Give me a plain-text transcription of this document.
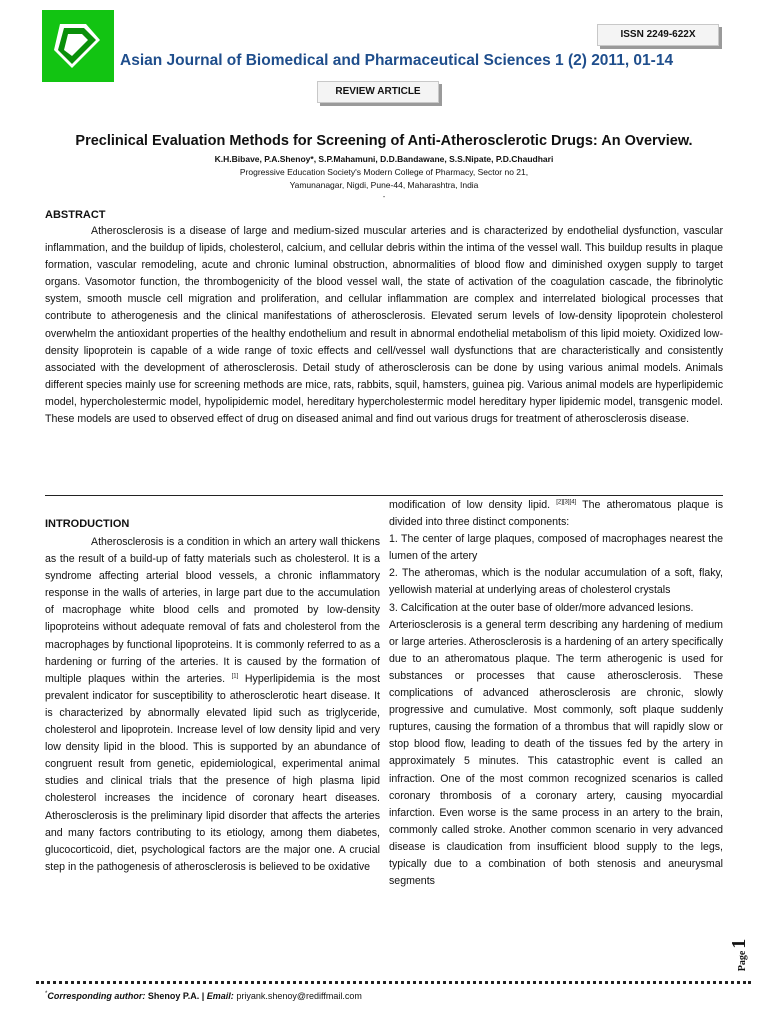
ISSN 2249-622X
Asian Journal of Biomedical and Pharmaceutical Sciences 1 (2) 2011, 01-14
REVIEW ARTICLE
Preclinical Evaluation Methods for Screening of Anti-Atherosclerotic Drugs: An Overview.

K.H.Bibave, P.A.Shenoy*, S.P.Mahamuni, D.D.Bandawane, S.S.Nipate, P.D.Chaudhari

Progressive Education Society's Modern College of Pharmacy, Sector no 21,

Yamunanagar, Nigdi, Pune-44, Maharashtra, India

-

ABSTRACT

Atherosclerosis is a disease of large and medium-sized muscular arteries and is characterized by endothelial dysfunction, vascular inflammation, and the buildup of lipids, cholesterol, calcium, and cellular debris within the intima of the vessel wall. This buildup results in plaque formation, vascular remodeling, acute and chronic luminal obstruction, abnormalities of blood flow and diminished oxygen supply to target organs. Vasomotor function, the thrombogenicity of the blood vessel wall, the state of activation of the coagulation cascade, the fibrinolytic system, smooth muscle cell migration and proliferation, and cellular inflammation are complex and interrelated biological processes that contribute to atherogenesis and the clinical manifestations of atherosclerosis. Elevated serum levels of low-density lipoprotein cholesterol overwhelm the antioxidant properties of the healthy endothelium and result in abnormal endothelial metabolism of this lipid moiety. Oxidized low-density lipoprotein is capable of a wide range of toxic effects and cell/vessel wall dysfunctions that are characteristically and consistently associated with the development of atherosclerosis. Detail study of atherosclerosis can be done by using various animal models. Animals different species mainly use for screening methods are mice, rats, rabbits, squil, hamsters, guinea pig. Various animal models are hyperlipidemic model, hypercholestermic model, hypolipidemic model, hereditary hypercholestermic model hereditary hyper lipidemic model, transgenic model. These models are used to observed effect of drug on diseased animal and find out various drugs for treatment of atherosclerosis disease.

INTRODUCTION

Atherosclerosis is a condition in which an artery wall thickens as the result of a build-up of fatty materials such as cholesterol. It is a syndrome affecting arterial blood vessels, a chronic inflammatory response in the walls of arteries, in large part due to the accumulation of macrophage white blood cells and promoted by low-density lipoproteins without adequate removal of fats and cholesterol from the macrophages by functional lipoproteins. It is commonly referred to as a hardening or furring of the arteries. It is caused by the formation of multiple plaques within the arteries. [1] Hyperlipidemia is the most prevalent indicator for susceptibility to atherosclerotic heart disease. It is characterized by abnormally elevated lipid such as triglyceride, cholesterol and lipoprotein. Increase level of low density lipid and very low density lipid in the blood. This is supported by an abundance of congruent result from genetic, epidemiological, experimental animal studies and clinical trials that the presence of high plasma lipid cholesterol increases the incidence of coronary heart diseases. Atherosclerosis is the preliminary lipid disorder that affects the arteries and many factors contributing to its etiology, among them diabetes, glucocorticoid, diet, psychological factors are the major one. A crucial step in the pathogenesis of atherosclerosis is believed to be oxidative

modification of low density lipid. [2][3][4] The atheromatous plaque is divided into three distinct components:

1. The center of large plaques, composed of macrophages nearest the lumen of the artery

2. The atheromas, which is the nodular accumulation of a soft, flaky, yellowish material at underlying areas of cholesterol crystals

3. Calcification at the outer base of older/more advanced lesions.

Arteriosclerosis is a general term describing any hardening of medium or large arteries. Atherosclerosis is a hardening of an artery specifically due to an atheromatous plaque. The term atherogenic is used for substances or processes that cause atherosclerosis. These complications of advanced atherosclerosis are chronic, slowly progressive and cumulative. Most commonly, soft plaque suddenly ruptures, causing the formation of a thrombus that will rapidly slow or stop blood flow, leading to death of the tissues fed by the artery in approximately 5 minutes. This catastrophic event is called an infraction. One of the most common recognized scenarios is called coronary thrombosis of a coronary artery, causing myocardial infarction. Even worse is the same process in an artery to the brain, commonly called stroke. Another common scenario in very advanced disease is claudication from insufficient blood supply to the legs, typically due to a combination of both stenosis and aneurysmal segments

Page
1

*Corresponding author: Shenoy P.A. | Email: priyank.shenoy@rediffmail.com
